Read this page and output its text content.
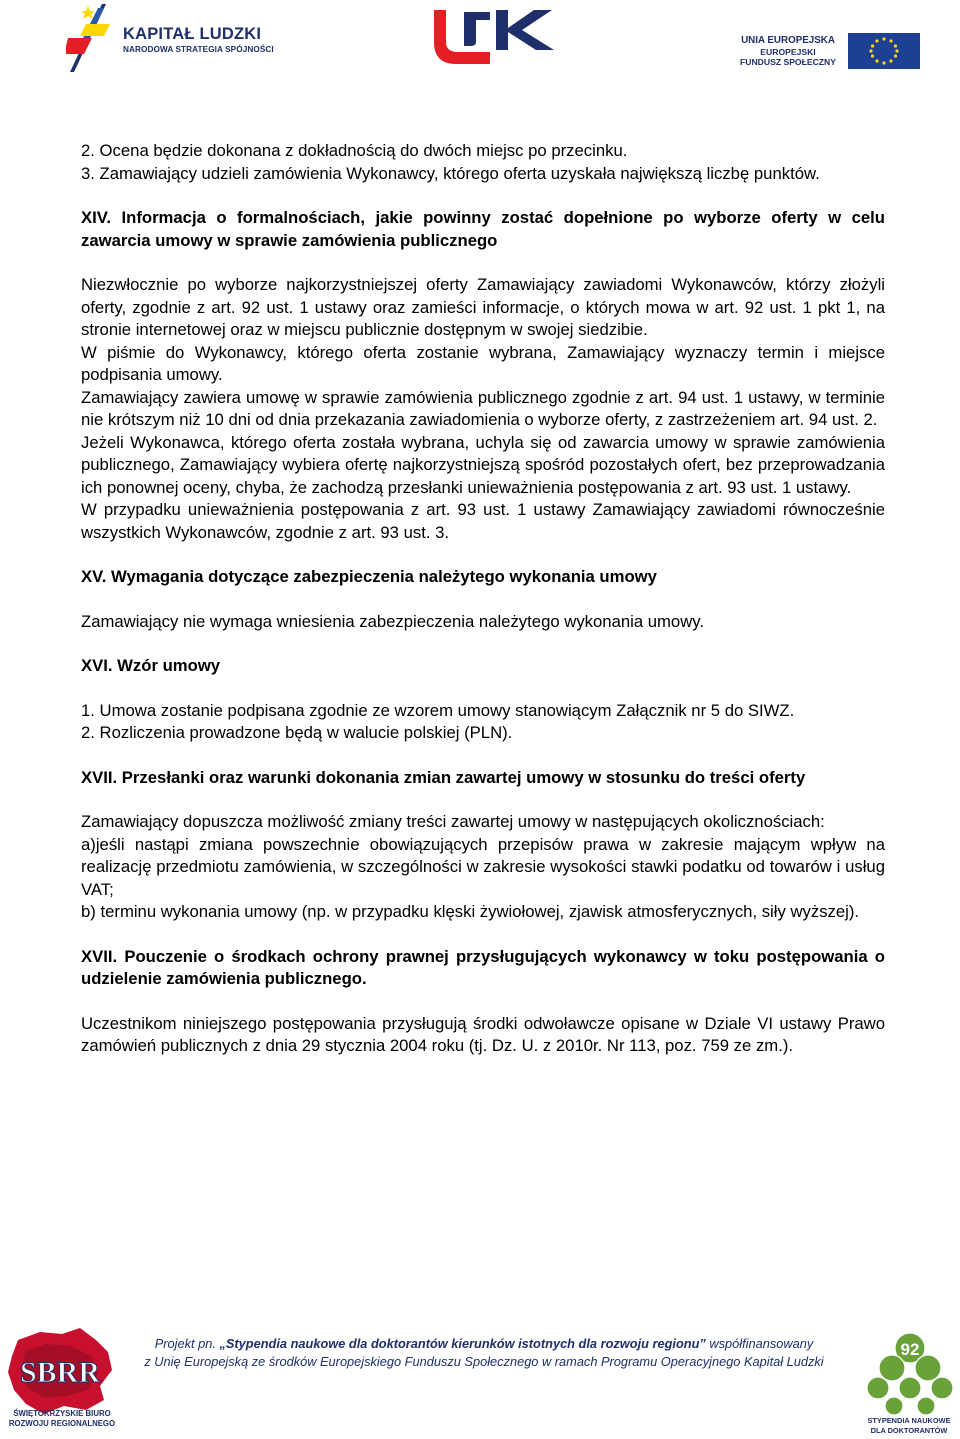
KAPITAŁ LUDZKI
NARODOWA STRATEGIA SPÓJNOŚCI
UNIA EUROPEJSKA
EUROPEJSKI
FUNDUSZ SPOŁECZNY

2. Ocena będzie dokonana z dokładnością do dwóch miejsc po przecinku.

3. Zamawiający udzieli zamówienia Wykonawcy, którego oferta uzyskała największą liczbę punktów.

XIV. Informacja o formalnościach, jakie powinny zostać dopełnione po wyborze oferty w celu zawarcia umowy w sprawie zamówienia publicznego

Niezwłocznie po wyborze najkorzystniejszej oferty Zamawiający zawiadomi Wykonawców, którzy złożyli oferty, zgodnie z art. 92 ust. 1 ustawy oraz zamieści informacje, o których mowa w art. 92 ust. 1 pkt 1, na stronie internetowej oraz w miejscu publicznie dostępnym w swojej siedzibie.

W piśmie do Wykonawcy, którego oferta zostanie wybrana, Zamawiający wyznaczy termin i miejsce podpisania umowy.

Zamawiający zawiera umowę w sprawie zamówienia publicznego zgodnie z art. 94 ust. 1 ustawy, w terminie nie krótszym niż 10 dni od dnia przekazania zawiadomienia o wyborze oferty, z zastrzeżeniem art. 94 ust. 2.

Jeżeli Wykonawca, którego oferta została wybrana, uchyla się od zawarcia umowy w sprawie zamówienia publicznego, Zamawiający wybiera ofertę najkorzystniejszą spośród pozostałych ofert, bez przeprowadzania ich ponownej oceny, chyba, że zachodzą przesłanki unieważnienia postępowania z art. 93 ust. 1 ustawy.

W przypadku unieważnienia postępowania z art. 93 ust. 1 ustawy Zamawiający zawiadomi równocześnie wszystkich Wykonawców, zgodnie z art. 93 ust. 3.

XV. Wymagania dotyczące zabezpieczenia należytego wykonania umowy

Zamawiający nie wymaga wniesienia zabezpieczenia należytego wykonania umowy.

XVI. Wzór umowy

1. Umowa zostanie podpisana zgodnie ze wzorem umowy stanowiącym Załącznik nr 5 do SIWZ.

2. Rozliczenia prowadzone będą w walucie polskiej (PLN).

XVII. Przesłanki oraz warunki dokonania zmian zawartej umowy w stosunku do treści oferty

Zamawiający dopuszcza możliwość zmiany treści zawartej umowy w następujących okolicznościach:

a)jeśli nastąpi zmiana powszechnie obowiązujących przepisów prawa w zakresie mającym wpływ na realizację przedmiotu zamówienia, w szczególności w zakresie wysokości stawki podatku od towarów i usług VAT;

b) terminu wykonania umowy (np. w przypadku klęski żywiołowej, zjawisk atmosferycznych, siły wyższej).

XVII. Pouczenie o środkach ochrony prawnej przysługujących wykonawcy w toku postępowania o udzielenie zamówienia publicznego.

Uczestnikom niniejszego postępowania przysługują środki odwoławcze opisane w Dziale VI ustawy Prawo zamówień publicznych z dnia 29 stycznia 2004 roku (tj. Dz. U. z 2010r. Nr 113, poz. 759 ze zm.).

SBRR
ŚWIĘTOKRZYSKIE BIURO
ROZWOJU REGIONALNEGO
Projekt pn. „Stypendia naukowe dla doktorantów kierunków istotnych dla rozwoju regionu” współfinansowany
z Unię Europejską ze środków Europejskiego Funduszu Społecznego w ramach Programu Operacyjnego Kapitał Ludzki
92
STYPENDIA NAUKOWE
DLA DOKTORANTÓW
